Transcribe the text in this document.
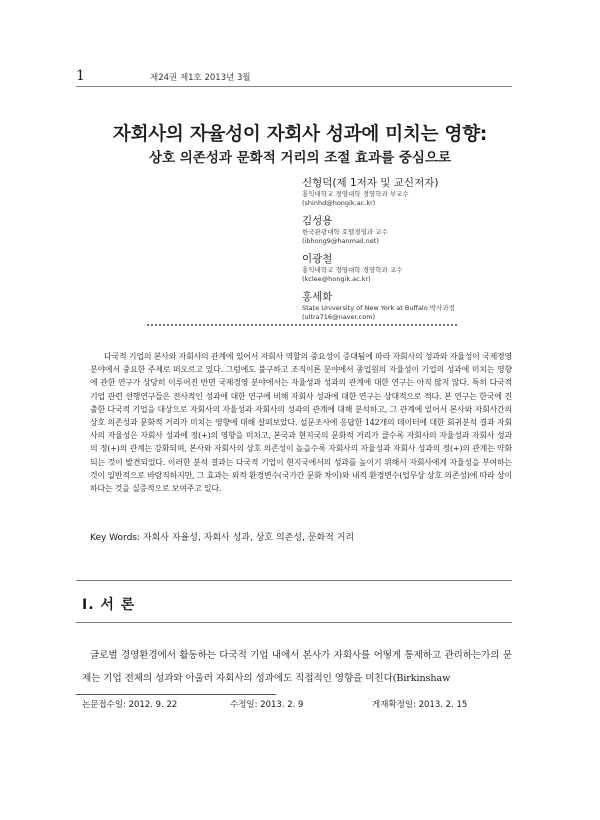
1	제24권 제1호 2013년 3월
자회사의 자율성이 자회사 성과에 미치는 영향:
상호 의존성과 문화적 거리의 조절 효과를 중심으로
신형덕(제 1저자 및 교신저자)
홍익대학교 경영대학 경영학과 부교수
(shinhd@hongik.ac.kr)
김성용
한국관광대학 호텔경영과 교수
(ibhong9@hanmail.net)
이광철
홍익대학교 경영대학 경영학과 교수
(kclee@hongik.ac.kr)
홍세화
State University of New York at Buffalo 박사과정
(ultra716@naver.com)
다국적 기업의 본사와 자회사의 관계에 있어서 자회사 역할의 중요성이 증대됨에 따라 자회사의 성과와 자율성이 국제경영 분야에서 중요한 주제로 떠오르고 있다. 그럼에도 불구하고 조직이론 분야에서 종업원의 자율성이 기업의 성과에 미치는 영향에 관한 연구가 상당히 이루어진 반면 국제경영 분야에서는 자율성과 성과의 관계에 대한 연구는 아직 많지 않다. 특히 다국적 기업 관련 선행연구들은 전사적인 성과에 대한 연구에 비해 자회사 성과에 대한 연구는 상대적으로 적다. 본 연구는 한국에 진출한 다국적 기업을 대상으로 자회사의 자율성과 자회사의 성과의 관계에 대해 분석하고, 그 관계에 있어서 본사와 자회사간의 상호 의존성과 문화적 거리가 미치는 영향에 대해 살펴보았다. 설문조사에 응답한 142개의 데이터에 대한 회귀분석 결과 자회사의 자율성은 자회사 성과에 정(+)의 영향을 미치고, 본국과 현지국의 문화적 거리가 클수록 자회사의 자율성과 자회사 성과의 정(+)의 관계는 강화되며, 본사와 자회사의 상호 의존성이 높을수록 자회사의 자율성과 자회사 성과의 정(+)의 관계는 약화되는 것이 발견되었다. 이러한 분석 결과는 다국적 기업이 현지국에서의 성과를 높이기 위해서 자회사에게 자율성을 부여하는 것이 일반적으로 바람직하지만, 그 효과는 외적 환경변수(국가간 문화 차이)와 내적 환경변수(업무상 상호 의존성)에 따라 상이하다는 것을 실증적으로 보여주고 있다.
Key Words: 자회사 자율성, 자회사 성과, 상호 의존성, 문화적 거리
Ⅰ. 서 론
글로벌 경영환경에서 활동하는 다국적 기업 내에서 본사가 자회사를 어떻게 통제하고 관리하는가의 문제는 기업 전체의 성과와 아울러 자회사의 성과에도 직접적인 영향을 미친다(Birkinshaw
논문접수일: 2012. 9. 22	수정일: 2013. 2. 9	게재확정일: 2013. 2. 15
